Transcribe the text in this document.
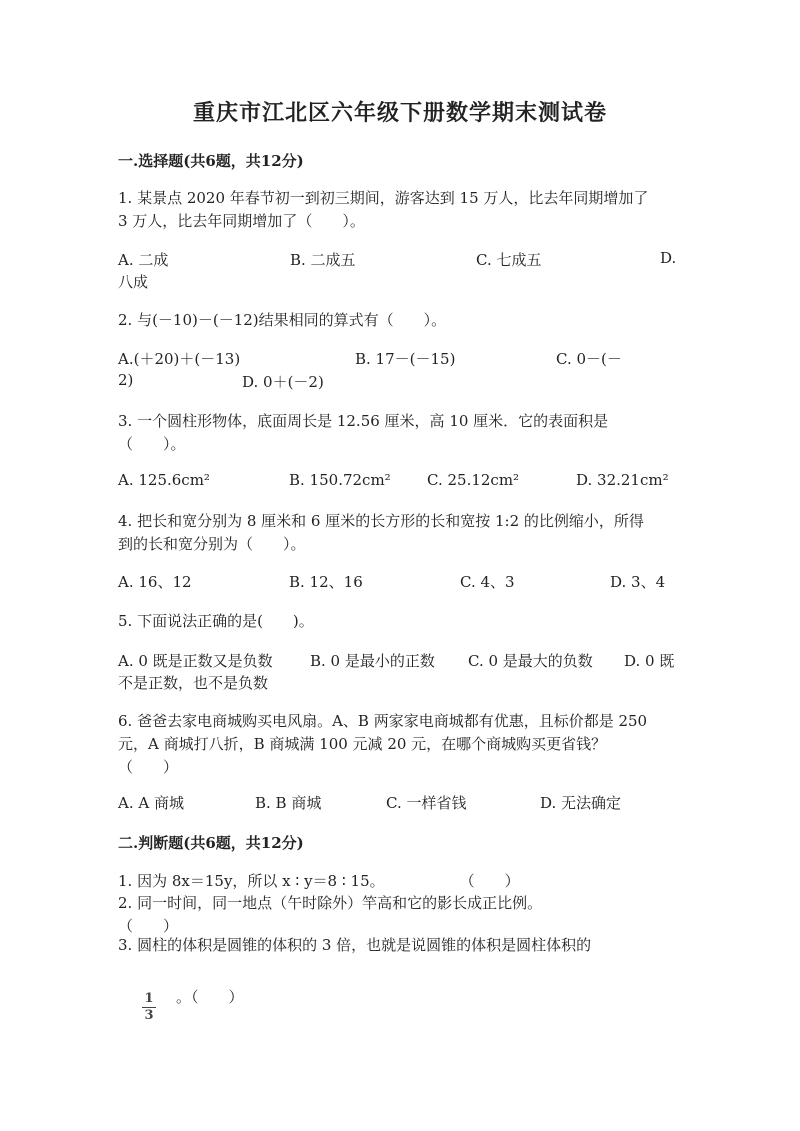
重庆市江北区六年级下册数学期末测试卷
一.选择题(共6题，共12分)
1. 某景点 2020 年春节初一到初三期间，游客达到 15 万人，比去年同期增加了
3 万人，比去年同期增加了（　　）。
A. 二成	B. 二成五	C. 七成五	D.
八成
2. 与(－10)－(－12)结果相同的算式有（　　）。
A.(＋20)＋(－13)	B. 17－(－15)	C. 0－(－
2)	D. 0＋(－2)
3. 一个圆柱形物体，底面周长是 12.56 厘米，高 10 厘米．它的表面积是
（　　）。
A. 125.6cm²	B. 150.72cm² C. 25.12cm²	D. 32.21cm²
4. 把长和宽分别为 8 厘米和 6 厘米的长方形的长和宽按 1:2 的比例缩小，所得
到的长和宽分别为（　　）。
A. 16、12	B. 12、16	C. 4、3	D. 3、4
5. 下面说法正确的是(　　)。
A. 0 既是正数又是负数 B. 0 是最小的正数 C. 0 是最大的负数 D. 0 既
不是正数，也不是负数
6. 爸爸去家电商城购买电风扇。A、B 两家家电商城都有优惠，且标价都是 250
元，A 商城打八折，B 商城满 100 元减 20 元，在哪个商城购买更省钱？
（　　）
A. A 商城	B. B 商城	C. 一样省钱	D. 无法确定
二.判断题(共6题，共12分)
1. 因为 8x＝15y，所以 x ∶ y＝8 ∶ 15。　　　　　　（　　）
2. 同一时间，同一地点（午时除外）竿高和它的影长成正比例。
（　　）
3. 圆柱的体积是圆锥的体积的 3 倍，也就是说圆锥的体积是圆柱体积的
1
3
。（　　）
